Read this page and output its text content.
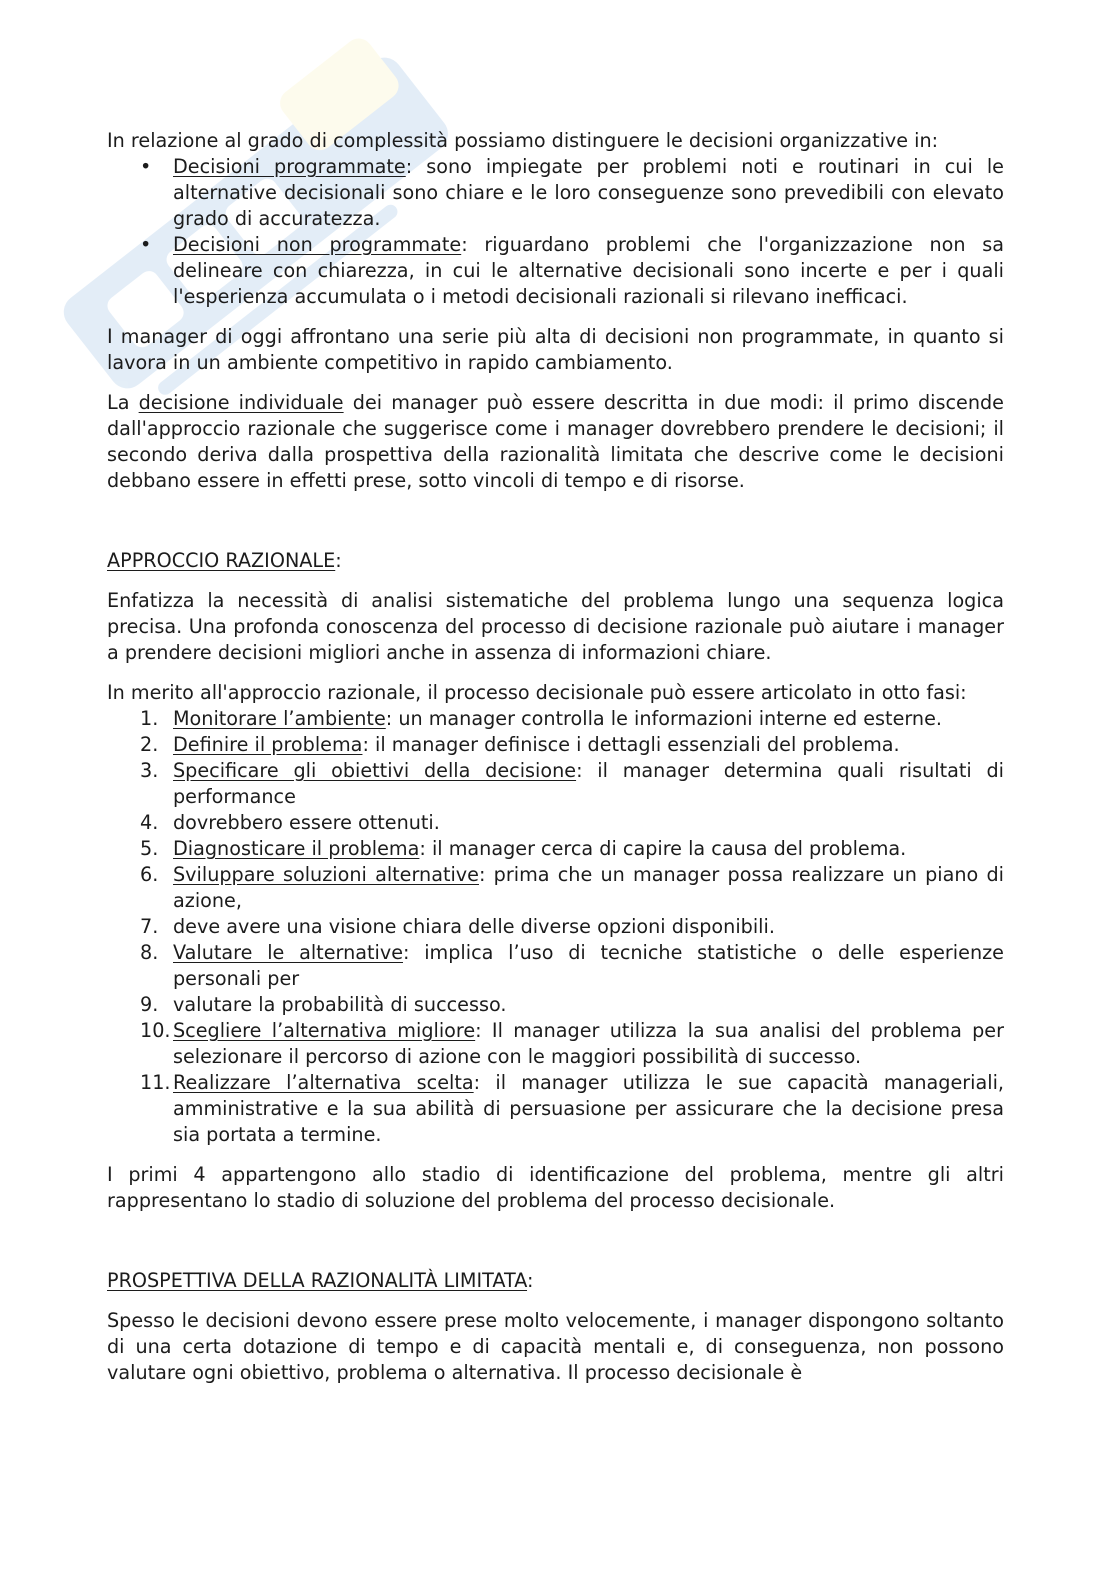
In relazione al grado di complessità possiamo distinguere le decisioni organizzative in:

• Decisioni programmate: sono impiegate per problemi noti e routinari in cui le alternative decisionali sono chiare e le loro conseguenze sono prevedibili con elevato grado di accuratezza.
• Decisioni non programmate: riguardano problemi che l'organizzazione non sa delineare con chiarezza, in cui le alternative decisionali sono incerte e per i quali l'esperienza accumulata o i metodi decisionali razionali si rilevano inefficaci.

I manager di oggi affrontano una serie più alta di decisioni non programmate, in quanto si lavora in un ambiente competitivo in rapido cambiamento.

La decisione individuale dei manager può essere descritta in due modi: il primo discende dall'approccio razionale che suggerisce come i manager dovrebbero prendere le decisioni; il secondo deriva dalla prospettiva della razionalità limitata che descrive come le decisioni debbano essere in effetti prese, sotto vincoli di tempo e di risorse.

APPROCCIO RAZIONALE:

Enfatizza la necessità di analisi sistematiche del problema lungo una sequenza logica precisa. Una profonda conoscenza del processo di decisione razionale può aiutare i manager a prendere decisioni migliori anche in assenza di informazioni chiare.

In merito all'approccio razionale, il processo decisionale può essere articolato in otto fasi:

1. Monitorare l’ambiente: un manager controlla le informazioni interne ed esterne.
2. Definire il problema: il manager definisce i dettagli essenziali del problema.
3. Specificare gli obiettivi della decisione: il manager determina quali risultati di performance
4. dovrebbero essere ottenuti.
5. Diagnosticare il problema: il manager cerca di capire la causa del problema.
6. Sviluppare soluzioni alternative: prima che un manager possa realizzare un piano di azione,
7. deve avere una visione chiara delle diverse opzioni disponibili.
8. Valutare le alternative: implica l’uso di tecniche statistiche o delle esperienze personali per
9. valutare la probabilità di successo.
10. Scegliere l’alternativa migliore: Il manager utilizza la sua analisi del problema per selezionare il percorso di azione con le maggiori possibilità di successo.
11. Realizzare l’alternativa scelta: il manager utilizza le sue capacità manageriali, amministrative e la sua abilità di persuasione per assicurare che la decisione presa sia portata a termine.

I primi 4 appartengono allo stadio di identificazione del problema, mentre gli altri rappresentano lo stadio di soluzione del problema del processo decisionale.

PROSPETTIVA DELLA RAZIONALITÀ LIMITATA:

Spesso le decisioni devono essere prese molto velocemente, i manager dispongono soltanto di una certa dotazione di tempo e di capacità mentali e, di conseguenza, non possono valutare ogni obiettivo, problema o alternativa. Il processo decisionale è
